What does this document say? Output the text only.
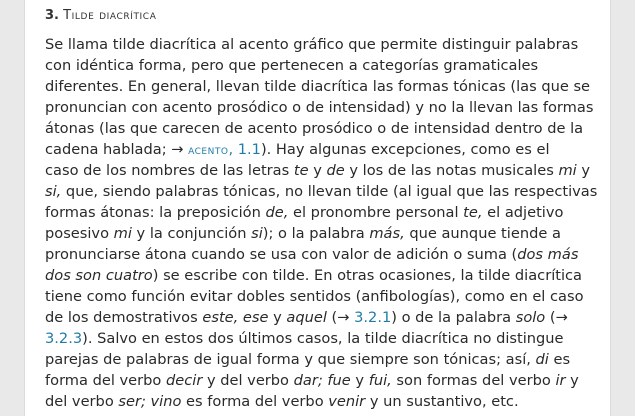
3. Tilde diacrítica
Se llama tilde diacrítica al acento gráfico que permite distinguir palabras
con idéntica forma, pero que pertenecen a categorías gramaticales
diferentes. En general, llevan tilde diacrítica las formas tónicas (las que se
pronuncian con acento prosódico o de intensidad) y no la llevan las formas
átonas (las que carecen de acento prosódico o de intensidad dentro de la
cadena hablada; → acento, 1.1). Hay algunas excepciones, como es el
caso de los nombres de las letras te y de y los de las notas musicales mi y
si, que, siendo palabras tónicas, no llevan tilde (al igual que las respectivas
formas átonas: la preposición de, el pronombre personal te, el adjetivo
posesivo mi y la conjunción si); o la palabra más, que aunque tiende a
pronunciarse átona cuando se usa con valor de adición o suma (dos más
dos son cuatro) se escribe con tilde. En otras ocasiones, la tilde diacrítica
tiene como función evitar dobles sentidos (anfibologías), como en el caso
de los demostrativos este, ese y aquel (→ 3.2.1) o de la palabra solo (→
3.2.3). Salvo en estos dos últimos casos, la tilde diacrítica no distingue
parejas de palabras de igual forma y que siempre son tónicas; así, di es
forma del verbo decir y del verbo dar; fue y fui, son formas del verbo ir y
del verbo ser; vino es forma del verbo venir y un sustantivo, etc.
